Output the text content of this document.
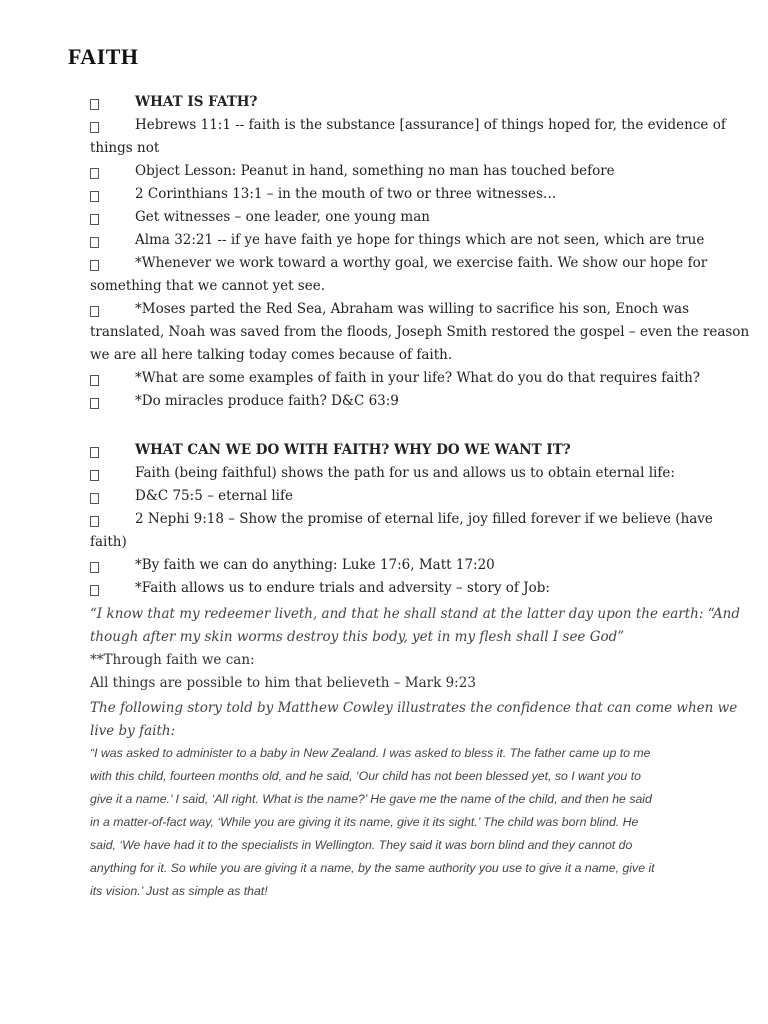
FAITH
WHAT IS FATH?
Hebrews 11:1 -- faith is the substance [assurance] of things hoped for, the evidence of
things not
Object Lesson: Peanut in hand, something no man has touched before
2 Corinthians 13:1 – in the mouth of two or three witnesses…
Get witnesses – one leader, one young man
Alma 32:21 -- if ye have faith ye hope for things which are not seen, which are true
*Whenever we work toward a worthy goal, we exercise faith. We show our hope for
something that we cannot yet see.
*Moses parted the Red Sea, Abraham was willing to sacrifice his son, Enoch was
translated, Noah was saved from the floods, Joseph Smith restored the gospel – even the reason
we are all here talking today comes because of faith.
*What are some examples of faith in your life? What do you do that requires faith?
*Do miracles produce faith? D&C 63:9
WHAT CAN WE DO WITH FAITH? WHY DO WE WANT IT?
Faith (being faithful) shows the path for us and allows us to obtain eternal life:
D&C 75:5 – eternal life
2 Nephi 9:18 – Show the promise of eternal life, joy filled forever if we believe (have
faith)
*By faith we can do anything: Luke 17:6, Matt 17:20
*Faith allows us to endure trials and adversity – story of Job:
“I know that my redeemer liveth, and that he shall stand at the latter day upon the earth: “And
though after my skin worms destroy this body, yet in my flesh shall I see God”
**Through faith we can:
All things are possible to him that believeth – Mark 9:23
The following story told by Matthew Cowley illustrates the confidence that can come when we
live by faith:
“I was asked to administer to a baby in New Zealand. I was asked to bless it. The father came up to me
with this child, fourteen months old, and he said, ‘Our child has not been blessed yet, so I want you to
give it a name.’ I said, ‘All right. What is the name?’ He gave me the name of the child, and then he said
in a matter-of-fact way, ‘While you are giving it its name, give it its sight.’ The child was born blind. He
said, ‘We have had it to the specialists in Wellington. They said it was born blind and they cannot do
anything for it. So while you are giving it a name, by the same authority you use to give it a name, give it
its vision.’ Just as simple as that!
